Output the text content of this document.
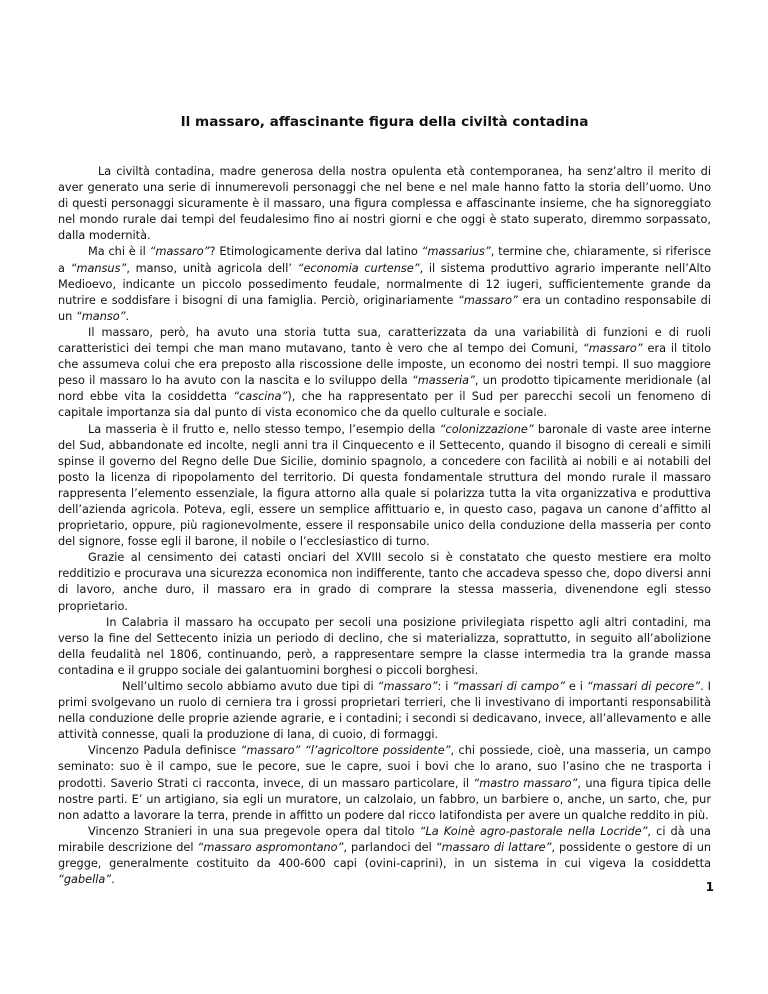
Il massaro, affascinante figura della civiltà contadina

La civiltà contadina, madre generosa della nostra opulenta età contemporanea, ha senz’altro il merito di aver generato una serie di innumerevoli personaggi che nel bene e nel male hanno fatto la storia dell’uomo. Uno di questi personaggi sicuramente è il massaro, una figura complessa e affascinante insieme, che ha signoreggiato nel mondo rurale dai tempi del feudalesimo fino ai nostri giorni e che oggi è stato superato, diremmo sorpassato, dalla modernità.

Ma chi è il “massaro”? Etimologicamente deriva dal latino “massarius”, termine che, chiaramente, si riferisce a “mansus”, manso, unità agricola dell’ “economia curtense”, il sistema produttivo agrario imperante nell’Alto Medioevo, indicante un piccolo possedimento feudale, normalmente di 12 iugeri, sufficientemente grande da nutrire e soddisfare i bisogni di una famiglia. Perciò, originariamente “massaro” era un contadino responsabile di un “manso”.

Il massaro, però, ha avuto una storia tutta sua, caratterizzata da una variabilità di funzioni e di ruoli caratteristici dei tempi che man mano mutavano, tanto è vero che al tempo dei Comuni, “massaro” era il titolo che assumeva colui che era preposto alla riscossione delle imposte, un economo dei nostri tempi. Il suo maggiore peso il massaro lo ha avuto con la nascita e lo sviluppo della “masseria”, un prodotto tipicamente meridionale (al nord ebbe vita la cosiddetta “cascina”), che ha rappresentato per il Sud per parecchi secoli un fenomeno di capitale importanza sia dal punto di vista economico che da quello culturale e sociale.

La masseria è il frutto e, nello stesso tempo, l’esempio della “colonizzazione” baronale di vaste aree interne del Sud, abbandonate ed incolte, negli anni tra il Cinquecento e il Settecento, quando il bisogno di cereali e simili spinse il governo del Regno delle Due Sicilie, dominio spagnolo, a concedere con facilità ai nobili e ai notabili del posto la licenza di ripopolamento del territorio. Di questa fondamentale struttura del mondo rurale il massaro rappresenta l’elemento essenziale, la figura attorno alla quale si polarizza tutta la vita organizzativa e produttiva dell’azienda agricola. Poteva, egli, essere un semplice affittuario e, in questo caso, pagava un canone d’affitto al proprietario, oppure, più ragionevolmente, essere il responsabile unico della conduzione della masseria per conto del signore, fosse egli il barone, il nobile o l’ecclesiastico di turno.

Grazie al censimento dei catasti onciari del XVIII secolo si è constatato che questo mestiere era molto redditizio e procurava una sicurezza economica non indifferente, tanto che accadeva spesso che, dopo diversi anni di lavoro, anche duro, il massaro era in grado di comprare la stessa masseria, divenendone egli stesso proprietario.

In Calabria il massaro ha occupato per secoli una posizione privilegiata rispetto agli altri contadini, ma verso la fine del Settecento inizia un periodo di declino, che si materializza, soprattutto, in seguito all’abolizione della feudalità nel 1806, continuando, però, a rappresentare sempre la classe intermedia tra la grande massa contadina e il gruppo sociale dei galantuomini borghesi o piccoli borghesi.

Nell’ultimo secolo abbiamo avuto due tipi di “massaro”: i “massari di campo” e i “massari di pecore”. I primi svolgevano un ruolo di cerniera tra i grossi proprietari terrieri, che li investivano di importanti responsabilità nella conduzione delle proprie aziende agrarie, e i contadini; i secondi si dedicavano, invece, all’allevamento e alle attività connesse, quali la produzione di lana, di cuoio, di formaggi.

Vincenzo Padula definisce “massaro” “l’agricoltore possidente”, chi possiede, cioè, una masseria, un campo seminato: suo è il campo, sue le pecore, sue le capre, suoi i bovi che lo arano, suo l’asino che ne trasporta i prodotti. Saverio Strati ci racconta, invece, di un massaro particolare, il “mastro massaro”, una figura tipica delle nostre parti. E’ un artigiano, sia egli un muratore, un calzolaio, un fabbro, un barbiere o, anche, un sarto, che, pur non adatto a lavorare la terra, prende in affitto un podere dal ricco latifondista per avere un qualche reddito in più.

Vincenzo Stranieri in una sua pregevole opera dal titolo “La Koinè agro-pastorale nella Locride”, ci dà una mirabile descrizione del “massaro aspromontano”, parlandoci del “massaro di lattare”, possidente o gestore di un gregge, generalmente costituito da 400-600 capi (ovini-caprini), in un sistema in cui vigeva la cosiddetta “gabella”.

1
